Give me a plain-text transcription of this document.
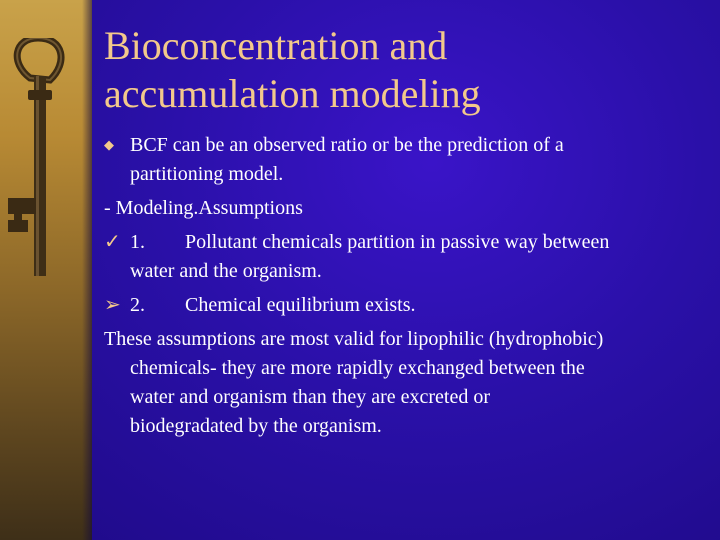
Bioconcentration and
accumulation modeling
◆ BCF can be an observed ratio or be the prediction of a
partitioning model.
- Modeling.Assumptions
✓ 1. Pollutant chemicals partition in passive way between
water and the organism.
➢ 2. Chemical equilibrium exists.
These assumptions are most valid for lipophilic (hydrophobic)
chemicals- they are more rapidly exchanged between the
water and organism than they are excreted or
biodegradated by the organism.
